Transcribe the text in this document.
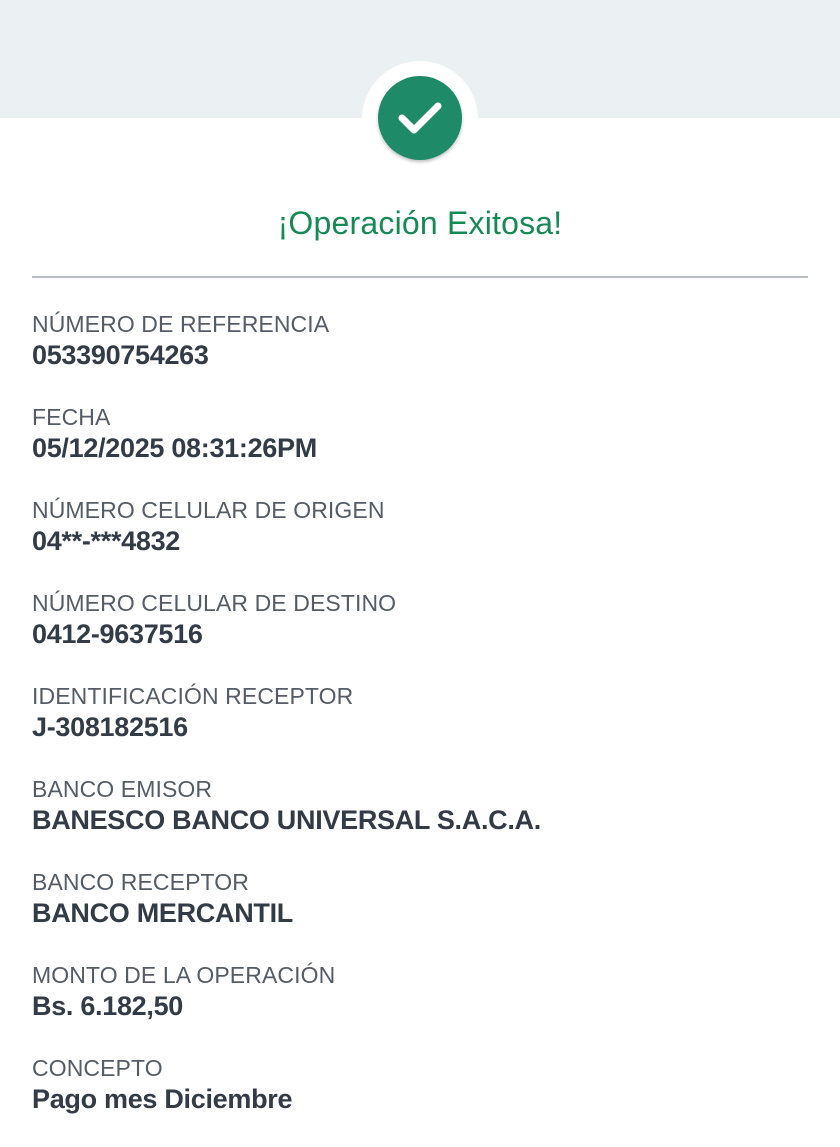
¡Operación Exitosa!
NÚMERO DE REFERENCIA
053390754263
FECHA
05/12/2025 08:31:26PM
NÚMERO CELULAR DE ORIGEN
04**-***4832
NÚMERO CELULAR DE DESTINO
0412-9637516
IDENTIFICACIÓN RECEPTOR
J-308182516
BANCO EMISOR
BANESCO BANCO UNIVERSAL S.A.C.A.
BANCO RECEPTOR
BANCO MERCANTIL
MONTO DE LA OPERACIÓN
Bs. 6.182,50
CONCEPTO
Pago mes Diciembre
